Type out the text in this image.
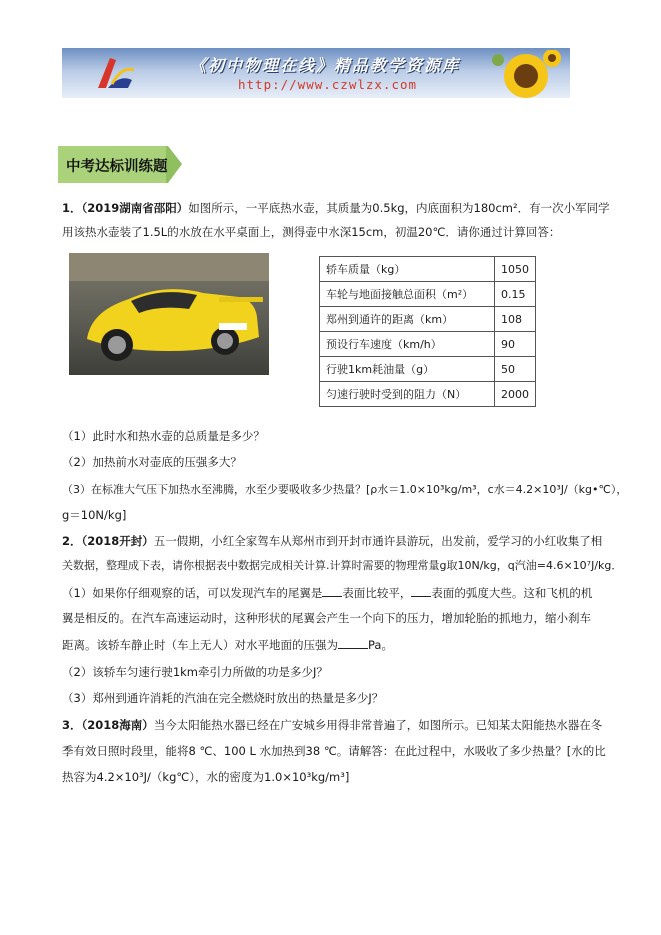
《初中物理在线》精品教学资源库
http://www.czwlzx.com
中考达标训练题
1．（2019湖南省邵阳）如图所示，一平底热水壶，其质量为0.5kg，内底面积为180cm²．有一次小军同学
用该热水壶装了1.5L的水放在水平桌面上，测得壶中水深15cm，初温20℃．请你通过计算回答：
轿车质量（kg）	1050
车轮与地面接触总面积（m²）	0.15
郑州到通许的距离（km）	108
预设行车速度（km/h）	90
行驶1km耗油量（g）	50
匀速行驶时受到的阻力（N）	2000
（1）此时水和热水壶的总质量是多少？
（2）加热前水对壶底的压强多大？
（3）在标准大气压下加热水至沸腾，水至少要吸收多少热量？[ρ水＝1.0×10³kg/m³，c水＝4.2×10³J/（kg•℃），
g＝10N/kg]
2．（2018开封）五一假期，小红全家驾车从郑州市到开封市通许县游玩，出发前，爱学习的小红收集了相
关数据，整理成下表，请你根据表中数据完成相关计算.计算时需要的物理常量g取10N/kg，q汽油=4.6×10⁷J/kg．
（1）如果你仔细观察的话，可以发现汽车的尾翼是 表面比较平， 表面的弧度大些。这和飞机的机
翼是相反的。在汽车高速运动时，这种形状的尾翼会产生一个向下的压力，增加轮胎的抓地力，缩小刹车
距离。该轿车静止时（车上无人）对水平地面的压强为	Pa。
（2）该轿车匀速行驶1km牵引力所做的功是多少J？
（3）郑州到通许消耗的汽油在完全燃烧时放出的热量是多少J？
3．（2018海南）当今太阳能热水器已经在广安城乡用得非常普遍了，如图所示。已知某太阳能热水器在冬
季有效日照时段里，能将8 ℃、100 L 水加热到38 ℃。请解答：在此过程中，水吸收了多少热量？[水的比
热容为4.2×10³J/（kg℃），水的密度为1.0×10³kg/m³]
